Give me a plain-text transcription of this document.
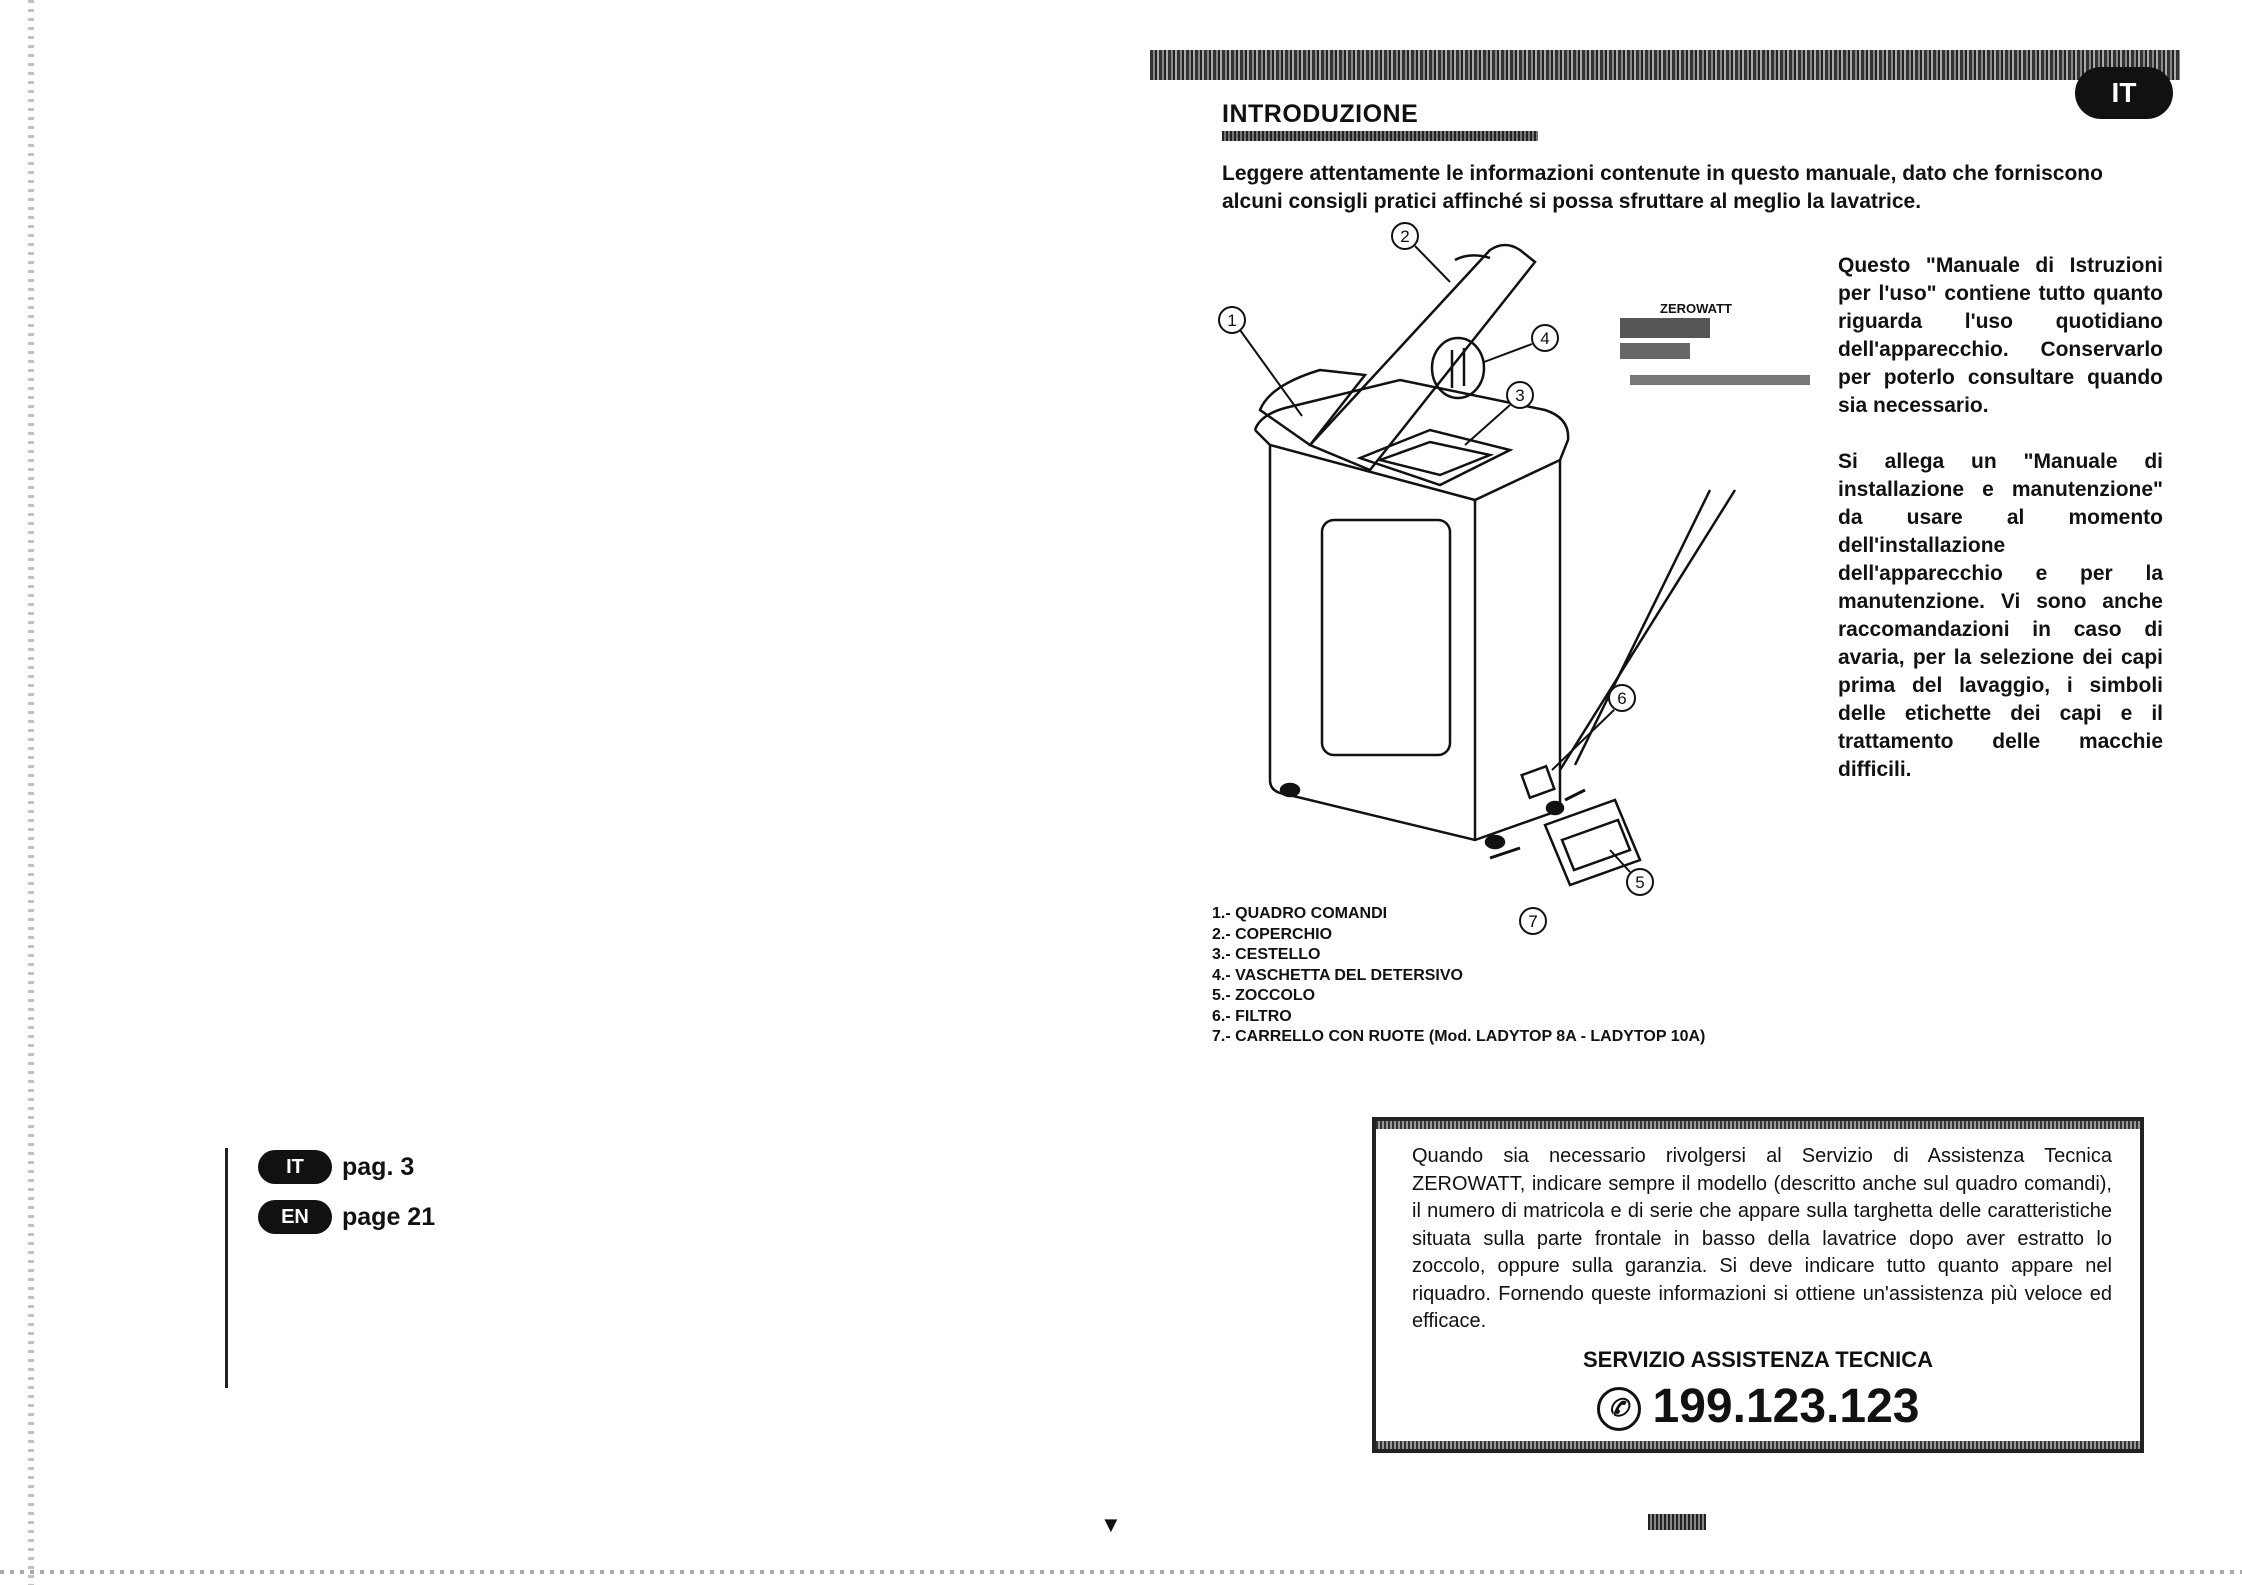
IT	pag. 3
EN	page 21
IT
INTRODUZIONE
Leggere attentamente le informazioni contenute in questo manuale, dato che forniscono alcuni consigli pratici affinché si possa sfruttare al meglio la lavatrice.
ZEROWATT
1
2
3
4
5
6
7
Questo "Manuale di Istruzioni per l'uso" contiene tutto quanto riguarda l'uso quotidiano dell'apparecchio. Conservarlo per poterlo consultare quando sia necessario.
Si allega un "Manuale di installazione e manutenzione" da usare al momento dell'installazione dell'apparecchio e per la manutenzione. Vi sono anche raccomandazioni in caso di avaria, per la selezione dei capi prima del lavaggio, i simboli delle etichette dei capi e il trattamento delle macchie difficili.
1.- QUADRO COMANDI
2.- COPERCHIO
3.- CESTELLO
4.- VASCHETTA DEL DETERSIVO
5.- ZOCCOLO
6.- FILTRO
7.- CARRELLO CON RUOTE (Mod. LADYTOP 8A - LADYTOP 10A)
Quando sia necessario rivolgersi al Servizio di Assistenza Tecnica ZEROWATT, indicare sempre il modello (descritto anche sul quadro comandi), il numero di matricola e di serie che appare sulla targhetta delle caratteristiche situata sulla parte frontale in basso della lavatrice dopo aver estratto lo zoccolo, oppure sulla garanzia. Si deve indicare tutto quanto appare nel riquadro. Fornendo queste informazioni si ottiene un'assistenza più veloce ed efficace.
SERVIZIO ASSISTENZA TECNICA
✆ 199.123.123
▼
